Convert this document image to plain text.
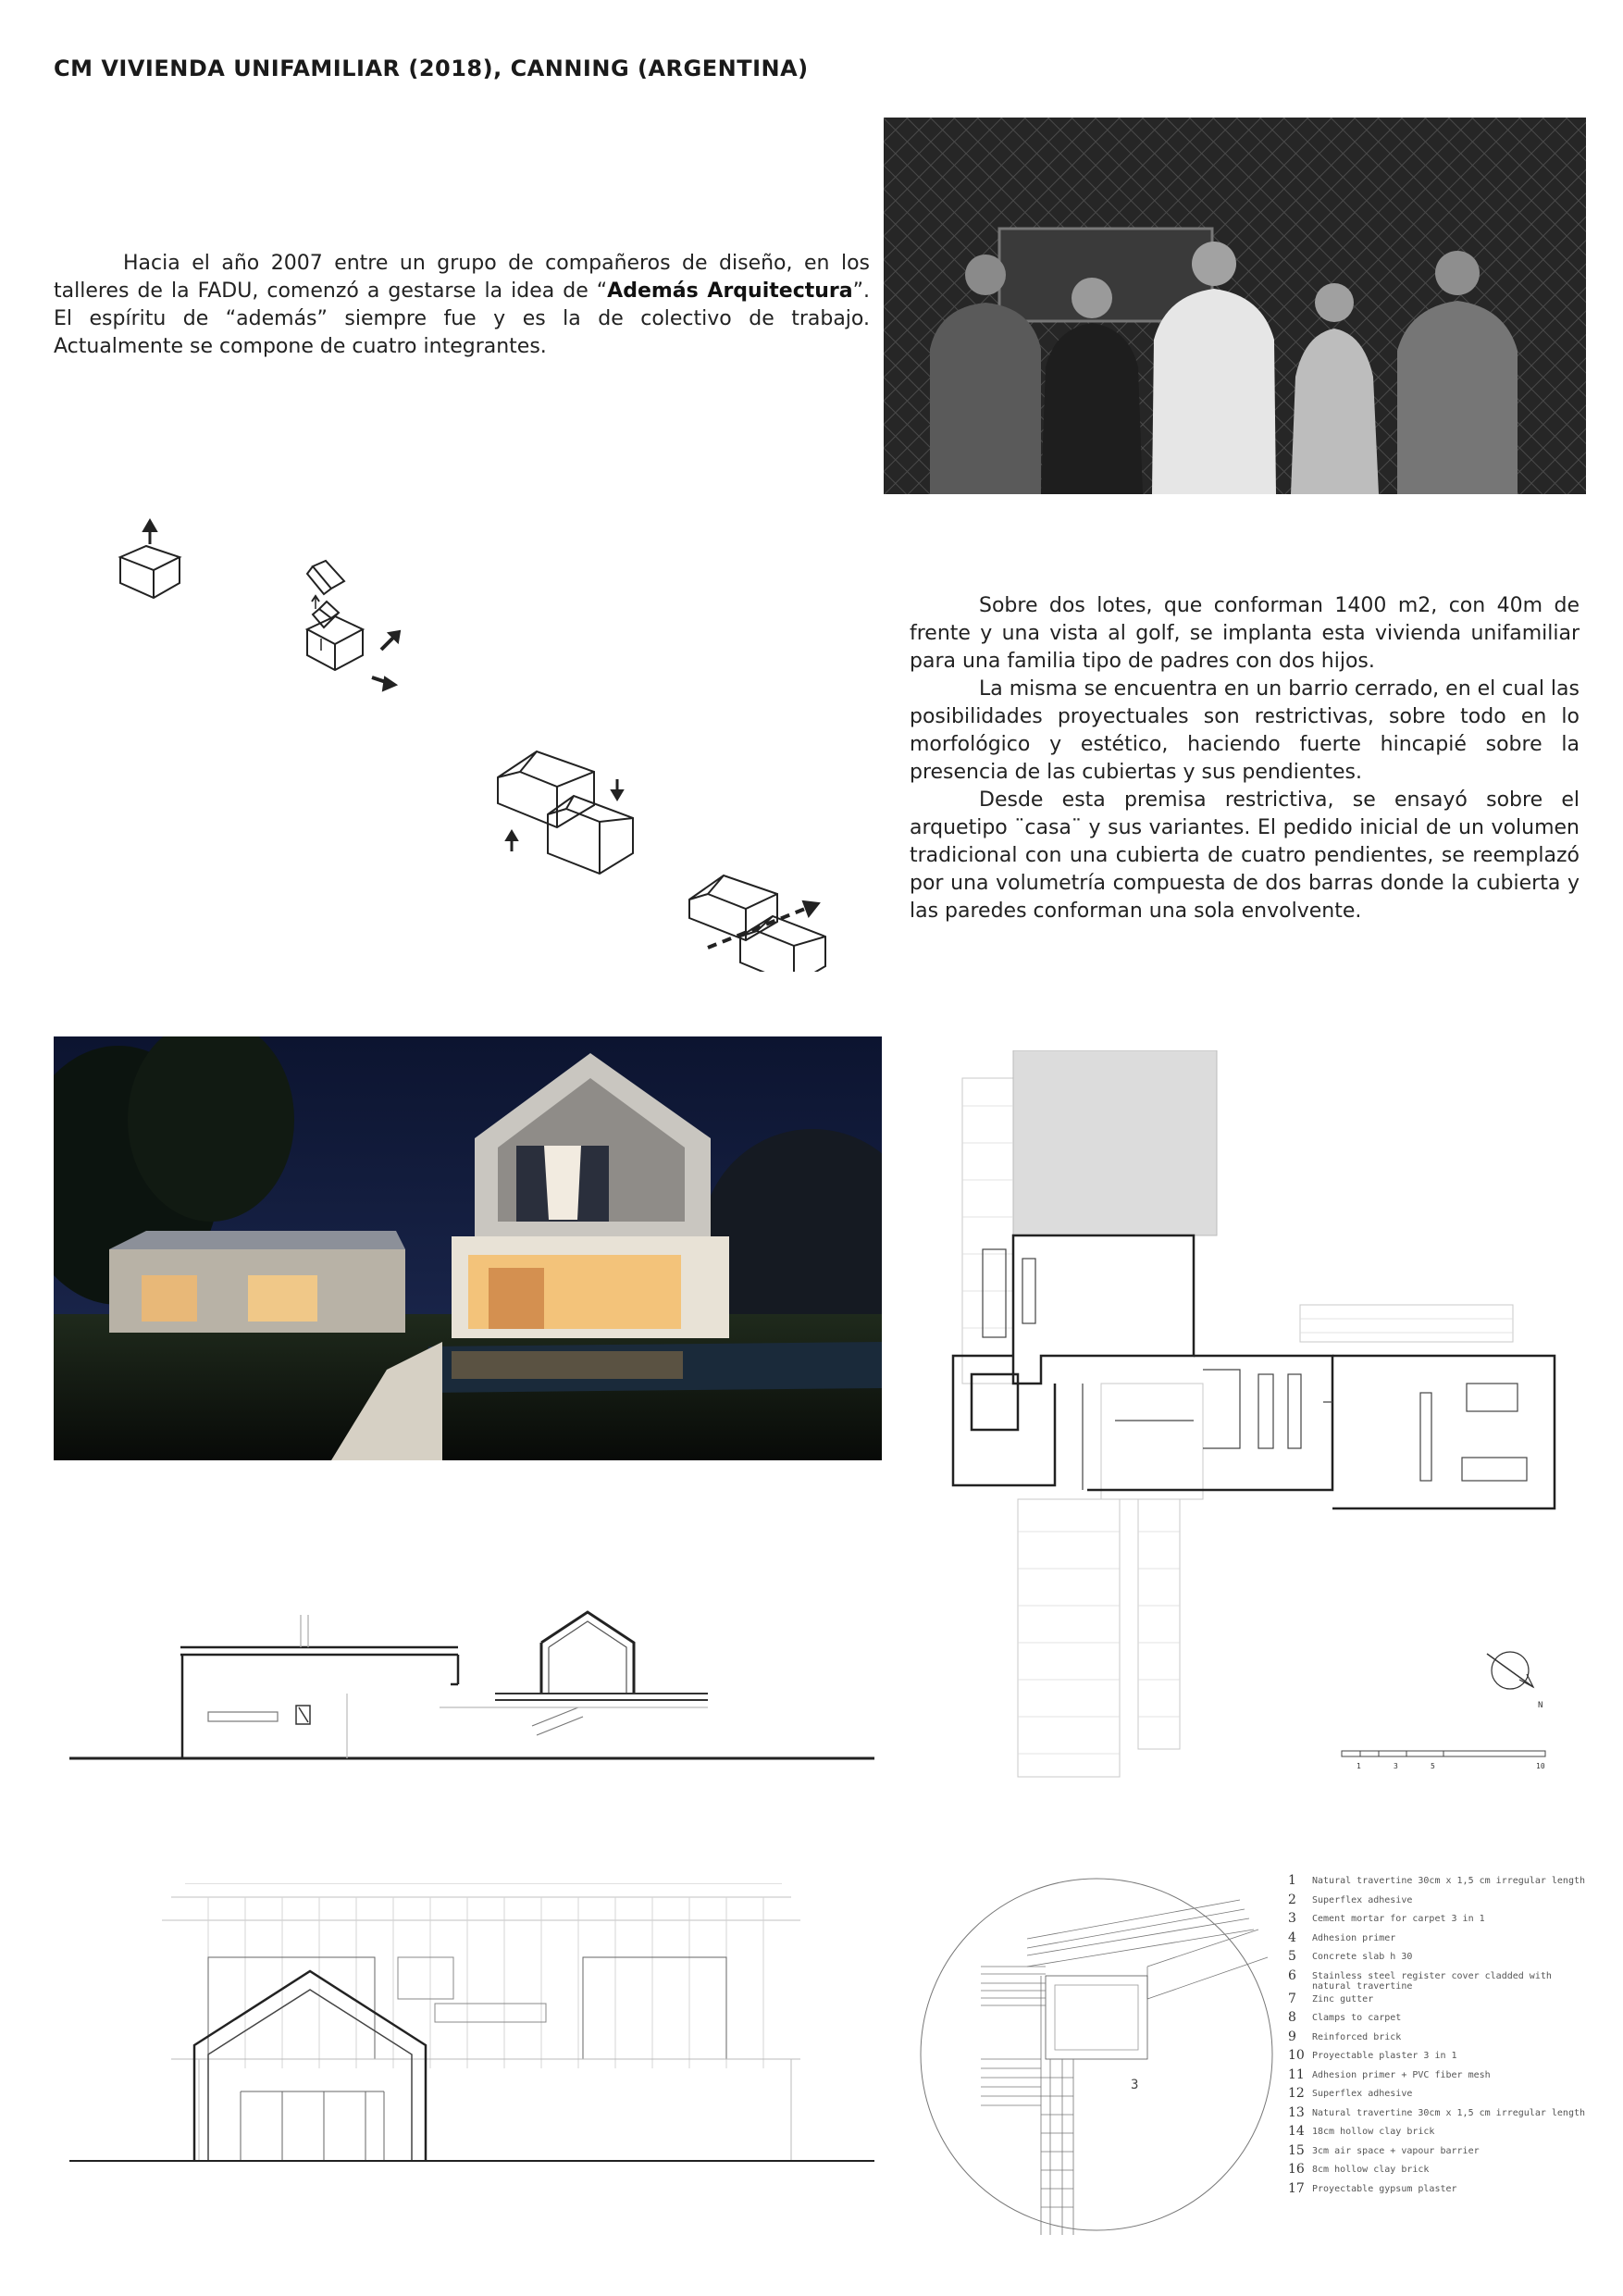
CM VIVIENDA UNIFAMILIAR (2018), CANNING (ARGENTINA)

Hacia el año 2007 entre un grupo de compañeros de diseño, en los talleres de la FADU, comenzó a gestarse la idea de “Además Arquitectura”. El espíritu de “además” siempre fue y es la de colectivo de trabajo. Actualmente se compone de cuatro integrantes.

Sobre dos lotes, que conforman 1400 m2, con 40m de frente y una vista al golf, se implanta esta vivienda unifamiliar para una familia tipo de padres con dos hijos.

La misma se encuentra en un barrio cerrado, en el cual las posibilidades proyectuales son restrictivas, sobre todo en lo morfológico y estético, haciendo fuerte hincapié sobre la presencia de las cubiertas y sus pendientes.

Desde esta premisa restrictiva, se ensayó sobre el arquetipo ¨casa¨ y sus variantes. El pedido inicial de un volumen tradicional con una cubierta de cuatro pendientes, se reemplazó por una volumetría compuesta de dos barras donde la cubierta y las paredes conforman una sola envolvente.

N
1	3	5	10
3
1 Natural travertine 30cm x 1,5 cm irregular length
2 Superflex adhesive
3 Cement mortar for carpet 3 in 1
4 Adhesion primer
5 Concrete slab h 30
6 Stainless steel register cover cladded with natural travertine
7 Zinc gutter
8 Clamps to carpet
9 Reinforced brick
10 Proyectable plaster 3 in 1
11 Adhesion primer + PVC fiber mesh
12 Superflex adhesive
13 Natural travertine 30cm x 1,5 cm irregular length
14 18cm hollow clay brick
15 3cm air space + vapour barrier
16 8cm hollow clay brick
17 Proyectable gypsum plaster
